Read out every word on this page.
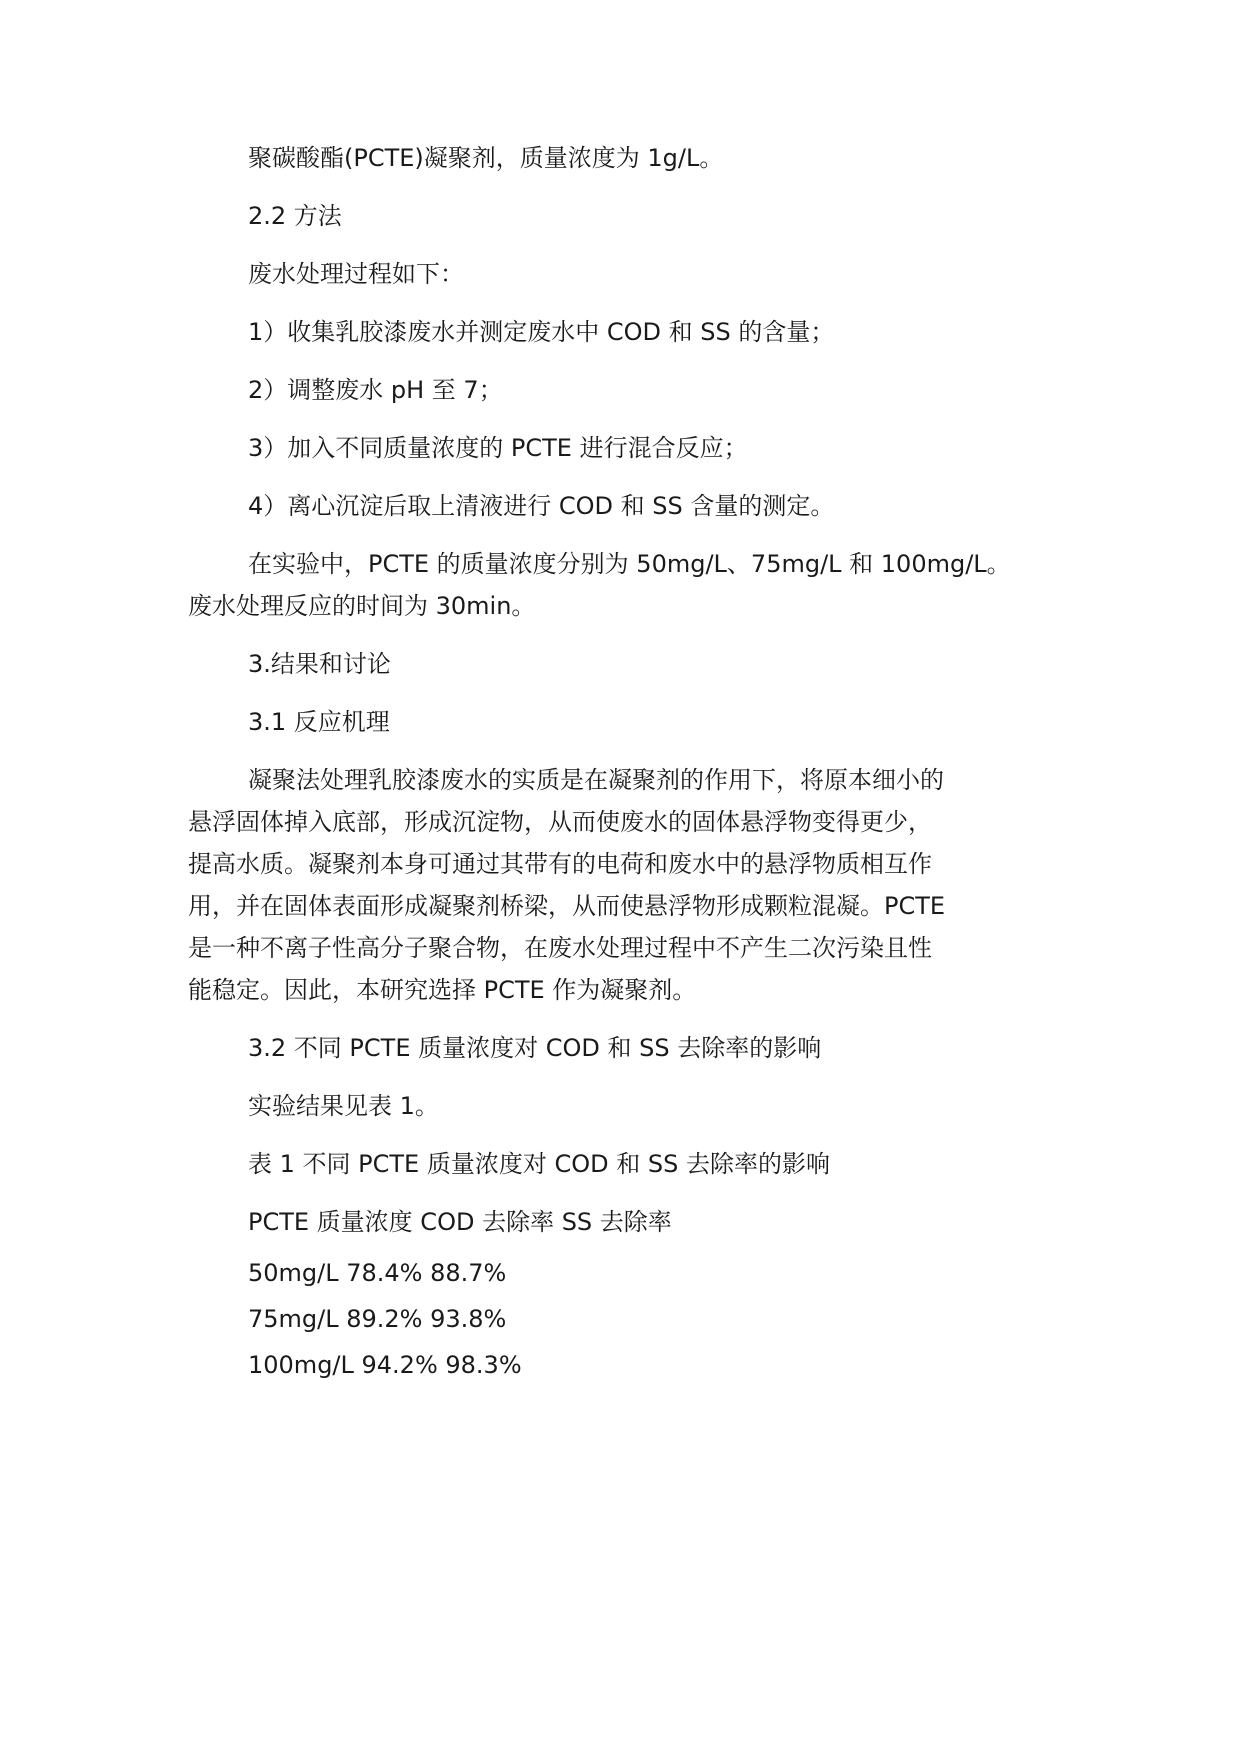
聚碳酸酯(PCTE)凝聚剂，质量浓度为 1g/L。
2.2 方法
废水处理过程如下：
1）收集乳胶漆废水并测定废水中 COD 和 SS 的含量；
2）调整废水 pH 至 7；
3）加入不同质量浓度的 PCTE 进行混合反应；
4）离心沉淀后取上清液进行 COD 和 SS 含量的测定。
在实验中，PCTE 的质量浓度分别为 50mg/L、75mg/L 和 100mg/L。
废水处理反应的时间为 30min。
3.结果和讨论
3.1 反应机理
凝聚法处理乳胶漆废水的实质是在凝聚剂的作用下，将原本细小的
悬浮固体掉入底部，形成沉淀物，从而使废水的固体悬浮物变得更少，
提高水质。凝聚剂本身可通过其带有的电荷和废水中的悬浮物质相互作
用，并在固体表面形成凝聚剂桥梁，从而使悬浮物形成颗粒混凝。PCTE
是一种不离子性高分子聚合物，在废水处理过程中不产生二次污染且性
能稳定。因此，本研究选择 PCTE 作为凝聚剂。
3.2 不同 PCTE 质量浓度对 COD 和 SS 去除率的影响
实验结果见表 1。
表 1 不同 PCTE 质量浓度对 COD 和 SS 去除率的影响
PCTE 质量浓度 COD 去除率 SS 去除率
50mg/L 78.4% 88.7%
75mg/L 89.2% 93.8%
100mg/L 94.2% 98.3%
